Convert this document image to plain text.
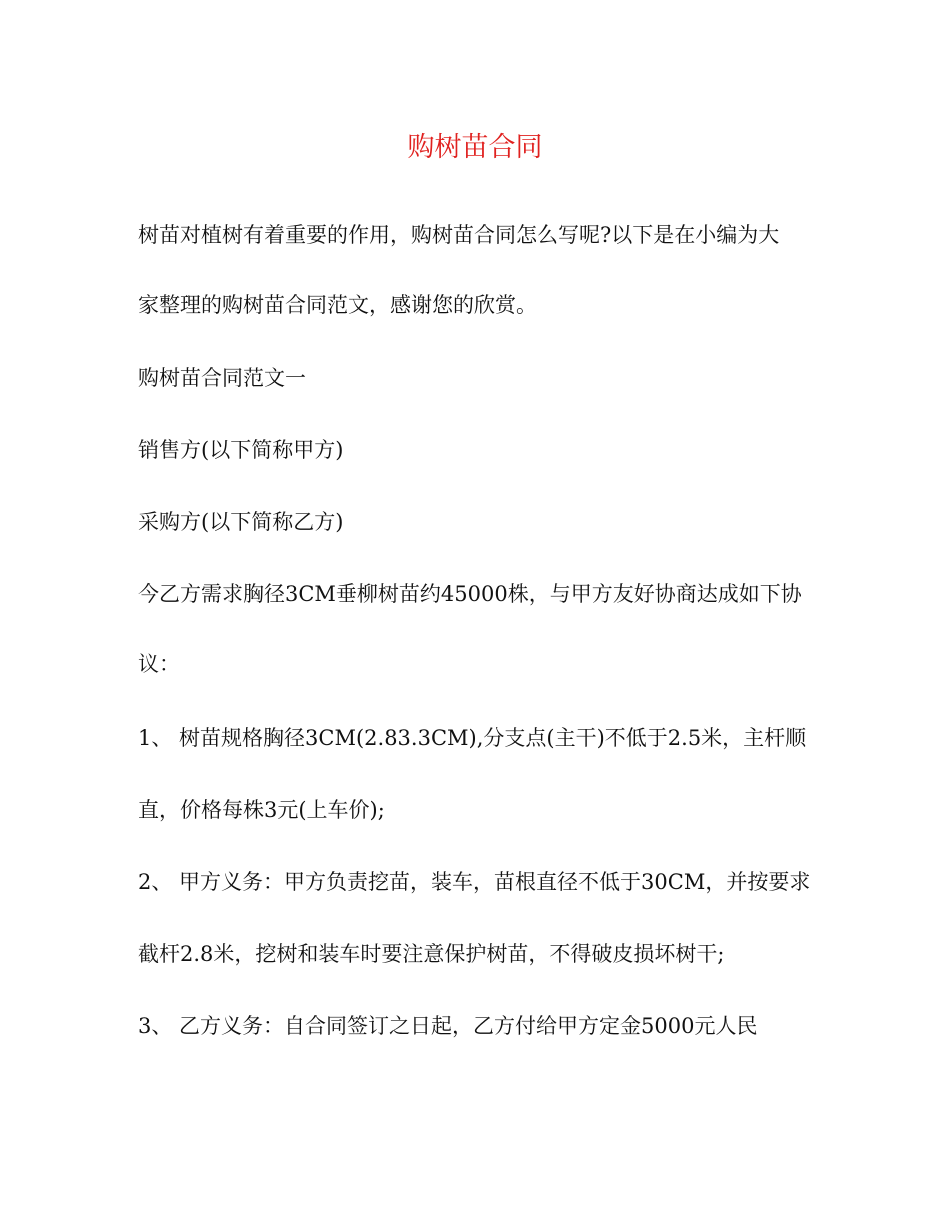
购树苗合同
树苗对植树有着重要的作用，购树苗合同怎么写呢?以下是在小编为大
家整理的购树苗合同范文，感谢您的欣赏。
购树苗合同范文一
销售方(以下简称甲方)
采购方(以下简称乙方)
今乙方需求胸径3CM垂柳树苗约45000株，与甲方友好协商达成如下协
议：
1、 树苗规格胸径3CM(2.83.3CM),分支点(主干)不低于2.5米，主杆顺
直，价格每株3元(上车价);
2、 甲方义务：甲方负责挖苗，装车，苗根直径不低于30CM，并按要求
截杆2.8米，挖树和装车时要注意保护树苗，不得破皮损坏树干;
3、 乙方义务：自合同签订之日起，乙方付给甲方定金5000元人民
